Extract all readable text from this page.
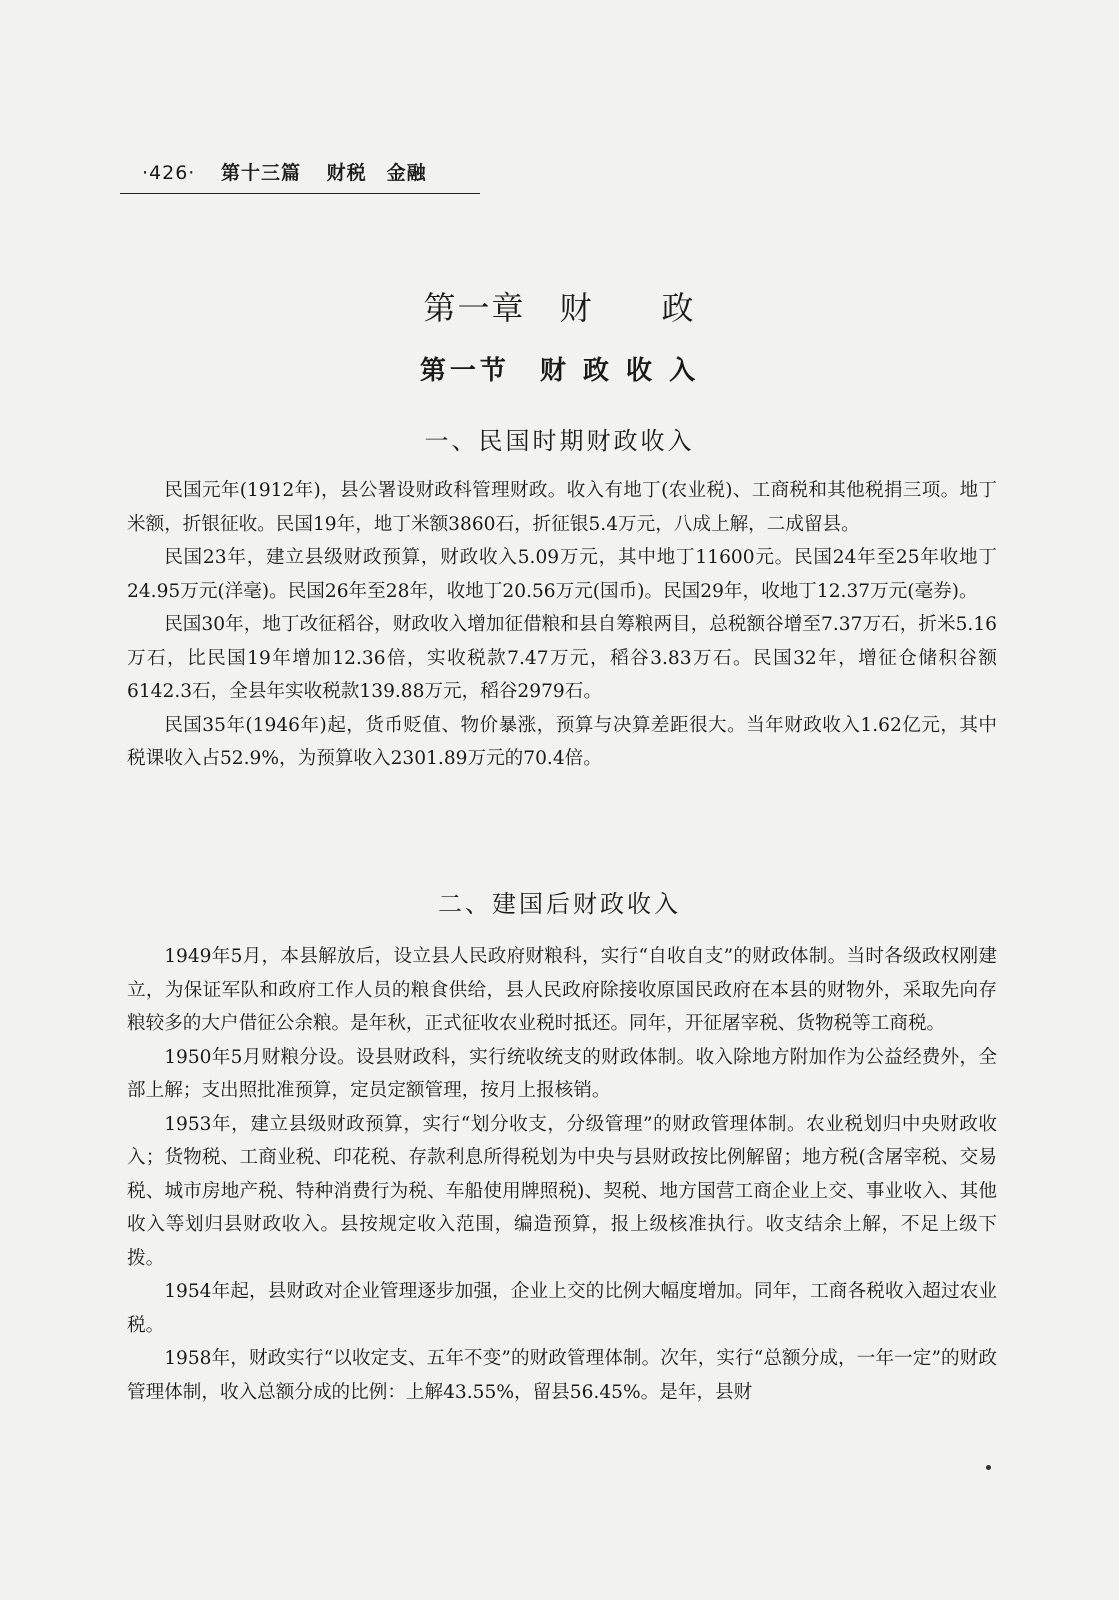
·426· 第十三篇 财税　金融
第一章　财　　政
第一节　财 政 收 入
一、民国时期财政收入

民国元年(1912年)，县公署设财政科管理财政。收入有地丁(农业税)、工商税和其他税捐三项。地丁米额，折银征收。民国19年，地丁米额3860石，折征银5.4万元，八成上解，二成留县。

民国23年，建立县级财政预算，财政收入5.09万元，其中地丁11600元。民国24年至25年收地丁24.95万元(洋毫)。民国26年至28年，收地丁20.56万元(国币)。民国29年，收地丁12.37万元(毫券)。

民国30年，地丁改征稻谷，财政收入增加征借粮和县自筹粮两目，总税额谷增至7.37万石，折米5.16万石，比民国19年增加12.36倍，实收税款7.47万元，稻谷3.83万石。民国32年，增征仓储积谷额6142.3石，全县年实收税款139.88万元，稻谷2979石。

民国35年(1946年)起，货币贬值、物价暴涨，预算与决算差距很大。当年财政收入1.62亿元，其中税课收入占52.9%，为预算收入2301.89万元的70.4倍。

二、建国后财政收入

1949年5月，本县解放后，设立县人民政府财粮科，实行“自收自支”的财政体制。当时各级政权刚建立，为保证军队和政府工作人员的粮食供给，县人民政府除接收原国民政府在本县的财物外，采取先向存粮较多的大户借征公余粮。是年秋，正式征收农业税时抵还。同年，开征屠宰税、货物税等工商税。

1950年5月财粮分设。设县财政科，实行统收统支的财政体制。收入除地方附加作为公益经费外，全部上解；支出照批准预算，定员定额管理，按月上报核销。

1953年，建立县级财政预算，实行“划分收支，分级管理”的财政管理体制。农业税划归中央财政收入；货物税、工商业税、印花税、存款利息所得税划为中央与县财政按比例解留；地方税(含屠宰税、交易税、城市房地产税、特种消费行为税、车船使用牌照税)、契税、地方国营工商企业上交、事业收入、其他收入等划归县财政收入。县按规定收入范围，编造预算，报上级核准执行。收支结余上解，不足上级下拨。

1954年起，县财政对企业管理逐步加强，企业上交的比例大幅度增加。同年，工商各税收入超过农业税。

1958年，财政实行“以收定支、五年不变”的财政管理体制。次年，实行“总额分成，一年一定”的财政管理体制，收入总额分成的比例：上解43.55%，留县56.45%。是年，县财
